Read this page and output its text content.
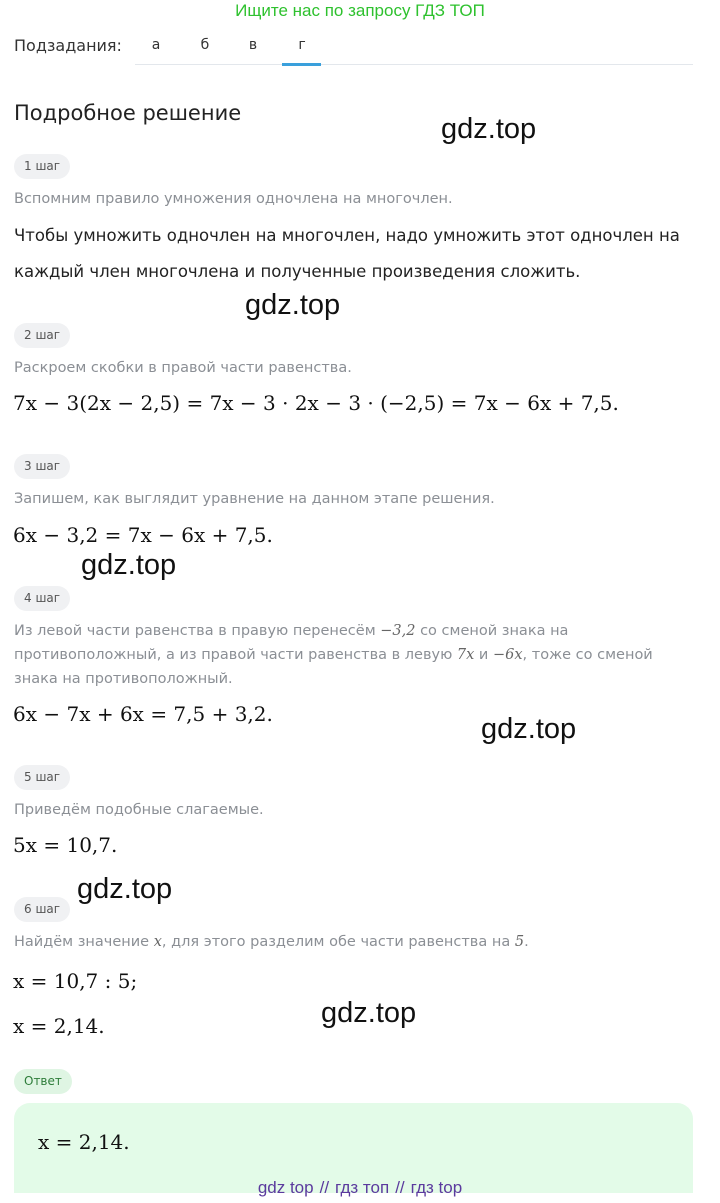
Ищите нас по запросу ГДЗ ТОП
Подзадания:	а	б	в	г
Подробное решение
1 шаг
Вспомним правило умножения одночлена на многочлен.
Чтобы умножить одночлен на многочлен, надо умножить этот одночлен на каждый член многочлена и полученные произведения сложить.
2 шаг
Раскроем скобки в правой части равенства.
7x − 3(2x − 2,5) = 7x − 3 · 2x − 3 · (−2,5) = 7x − 6x + 7,5.
3 шаг
Запишем, как выглядит уравнение на данном этапе решения.
6x − 3,2 = 7x − 6x + 7,5.
4 шаг
Из левой части равенства в правую перенесём −3,2 со сменой знака на противоположный, а из правой части равенства в левую 7x и −6x, тоже со сменой знака на противоположный.
6x − 7x + 6x = 7,5 + 3,2.
5 шаг
Приведём подобные слагаемые.
5x = 10,7.
6 шаг
Найдём значение x, для этого разделим обе части равенства на 5.
x = 10,7 : 5;
x = 2,14.
Ответ
x = 2,14.
gdz.top
gdz.top
gdz.top
gdz.top
gdz.top
gdz.top
gdz top // гдз топ // гдз top
